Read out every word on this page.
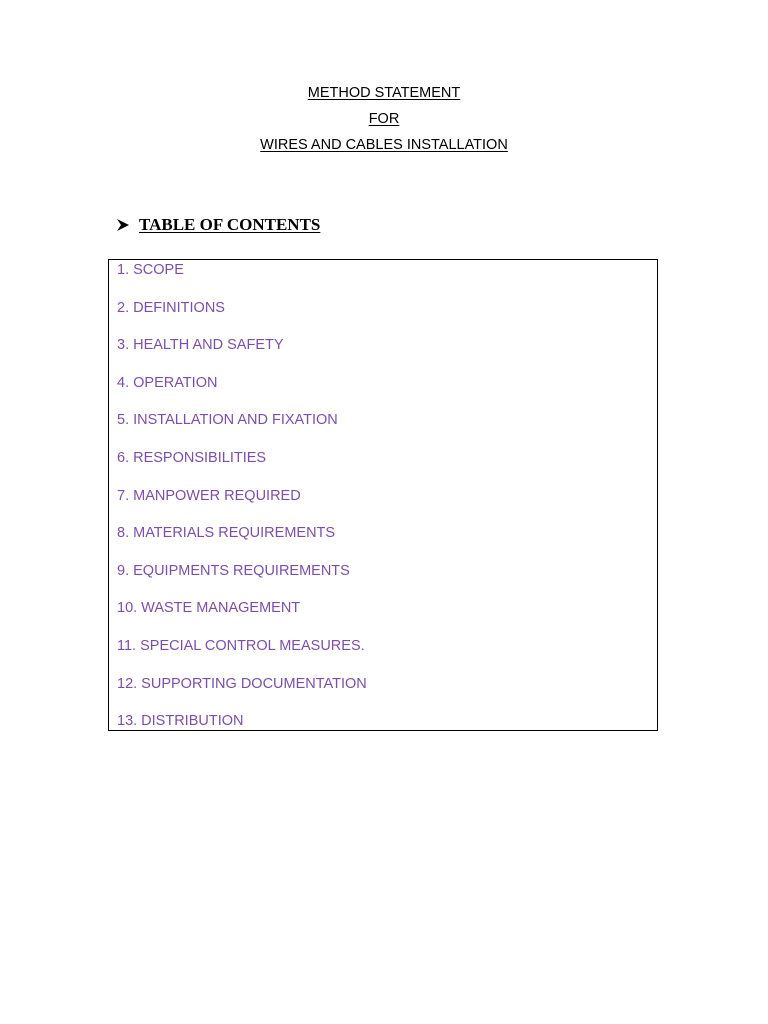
METHOD STATEMENT
FOR
WIRES AND CABLES INSTALLATION
TABLE OF CONTENTS
1. SCOPE
2. DEFINITIONS
3. HEALTH AND SAFETY
4. OPERATION
5. INSTALLATION AND FIXATION
6. RESPONSIBILITIES
7. MANPOWER REQUIRED
8. MATERIALS REQUIREMENTS
9. EQUIPMENTS REQUIREMENTS
10. WASTE MANAGEMENT
11. SPECIAL CONTROL MEASURES.
12. SUPPORTING DOCUMENTATION
13. DISTRIBUTION
